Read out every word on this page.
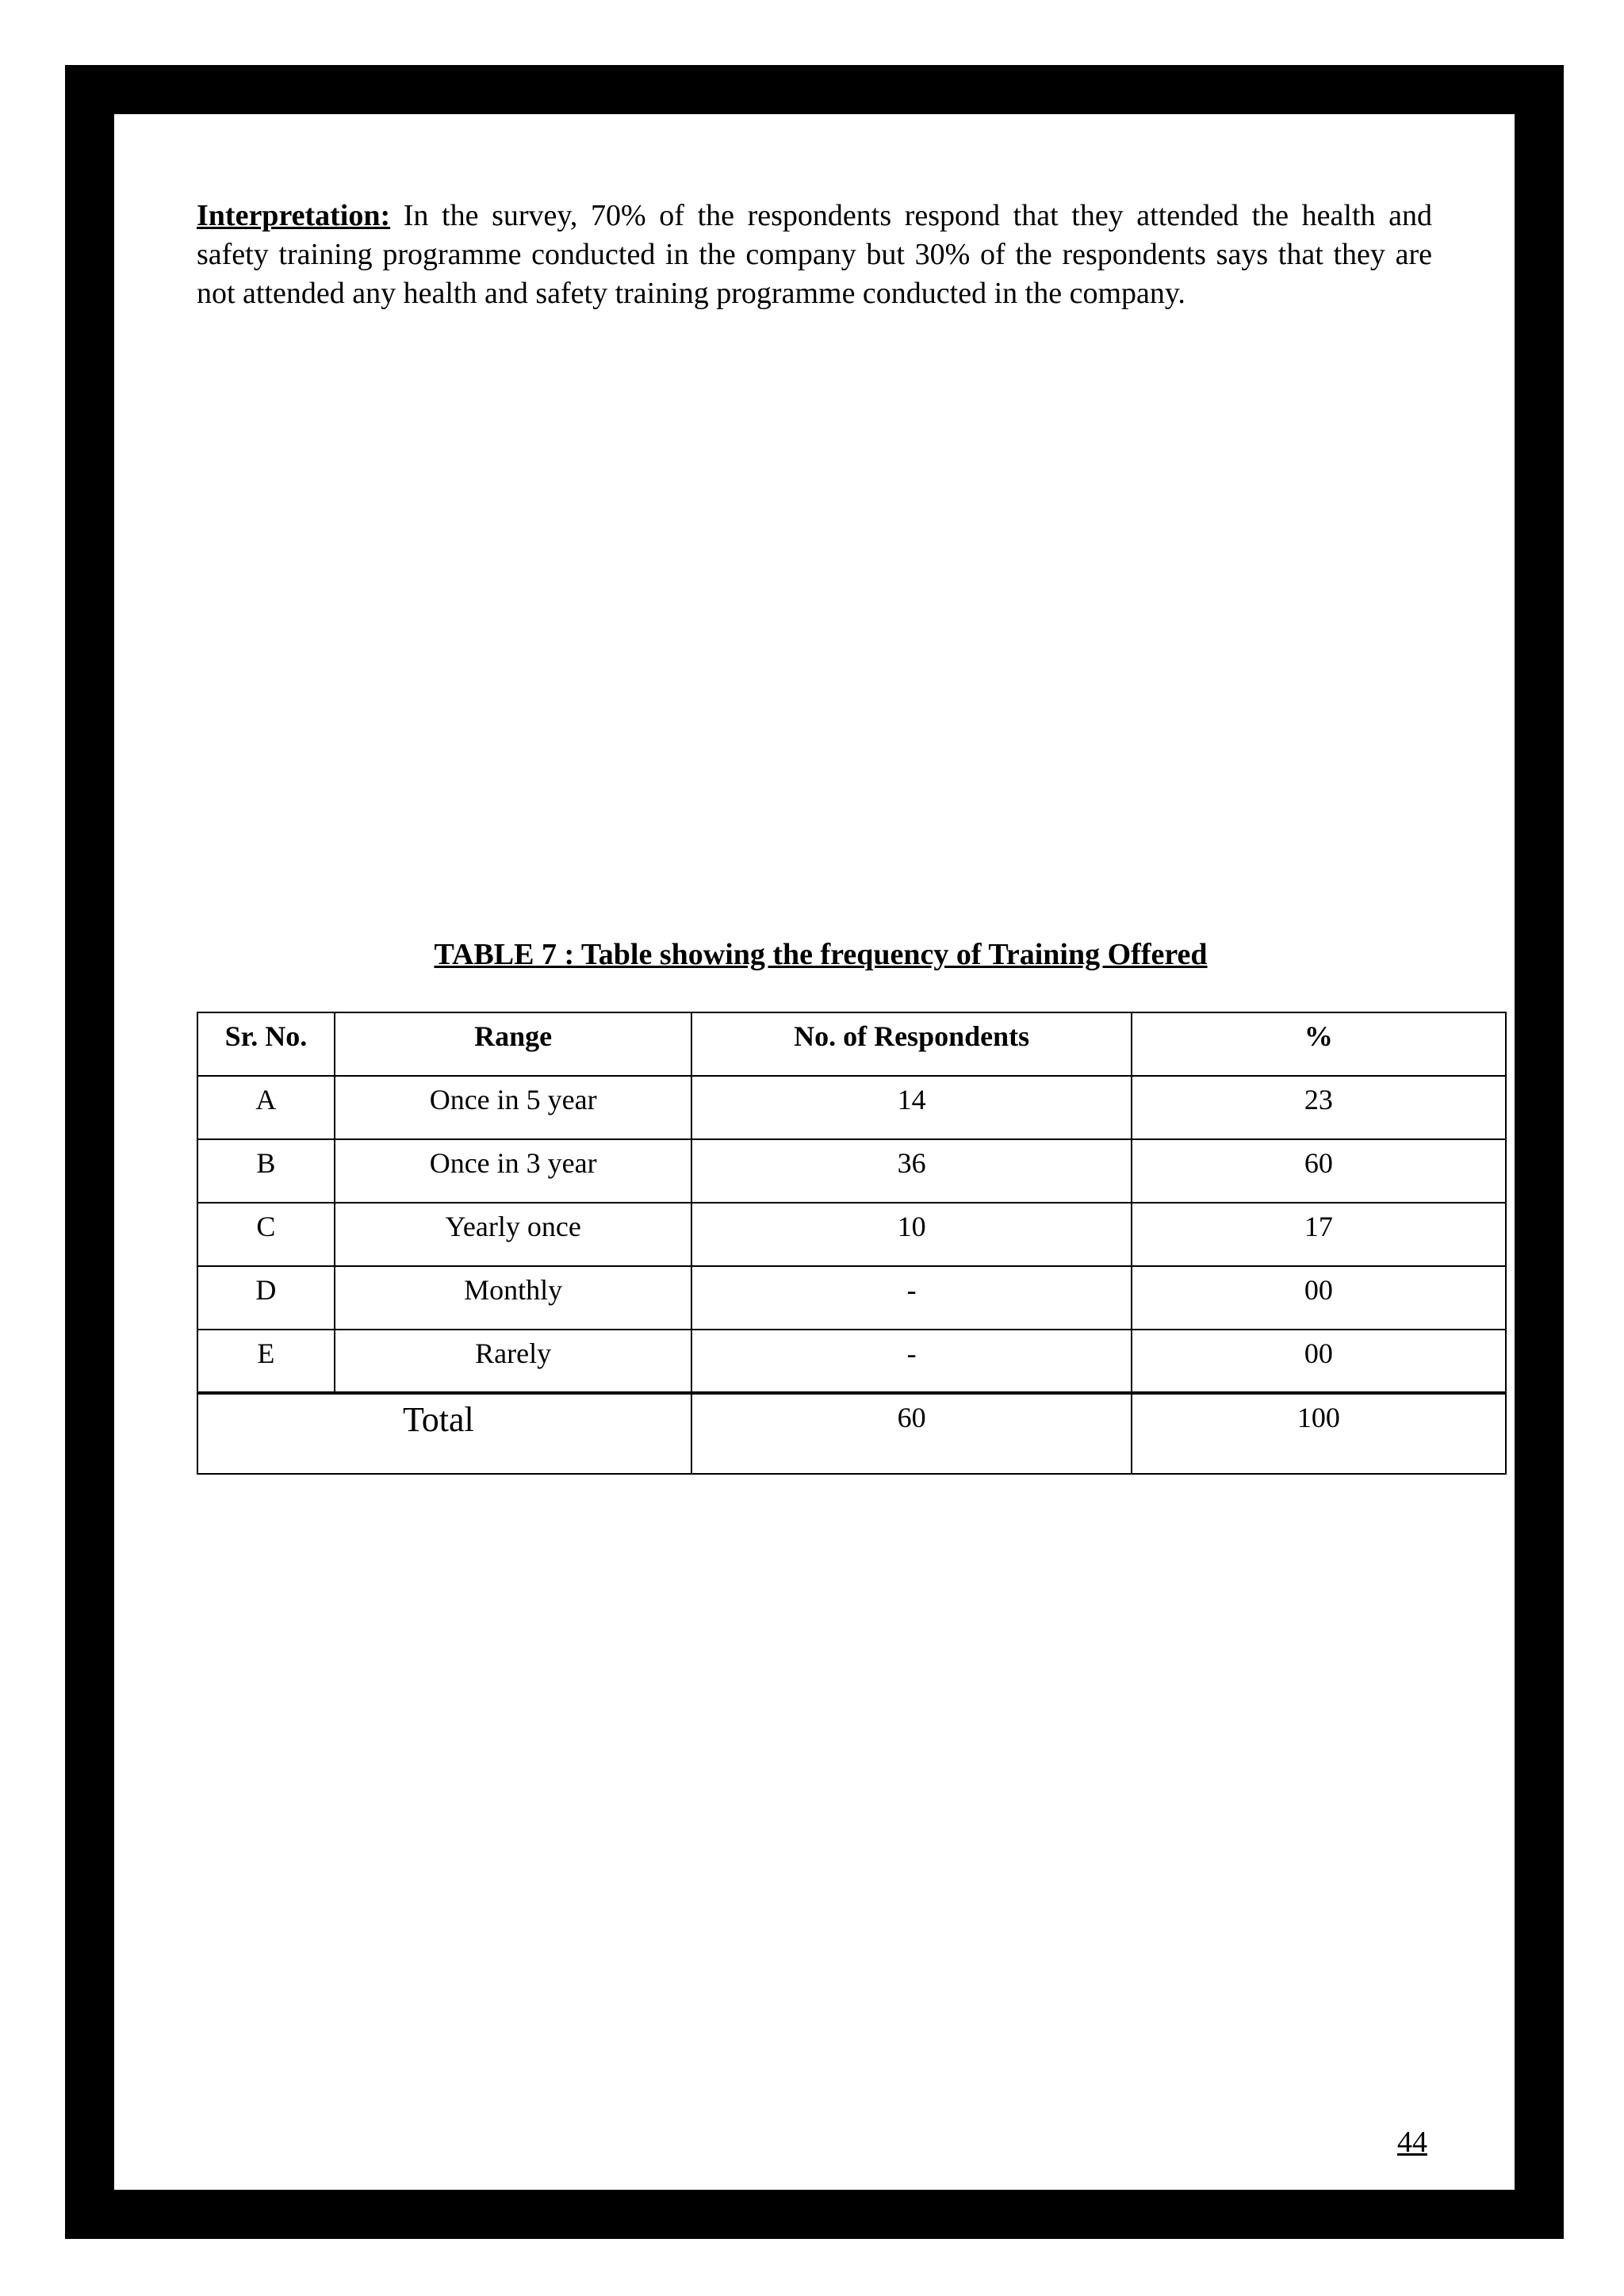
Interpretation: In the survey, 70% of the respondents respond that they attended the health and safety training programme conducted in the company but 30% of the respondents says that they are not attended any health and safety training programme conducted in the company.

TABLE 7 : Table showing the frequency of Training Offered
Sr. No.	Range	No. of Respondents	%
A	Once in 5 year	14	23
B	Once in 3 year	36	60
C	Yearly once	10	17
D	Monthly	-	00
E	Rarely	-	00
Total		60	100
44
